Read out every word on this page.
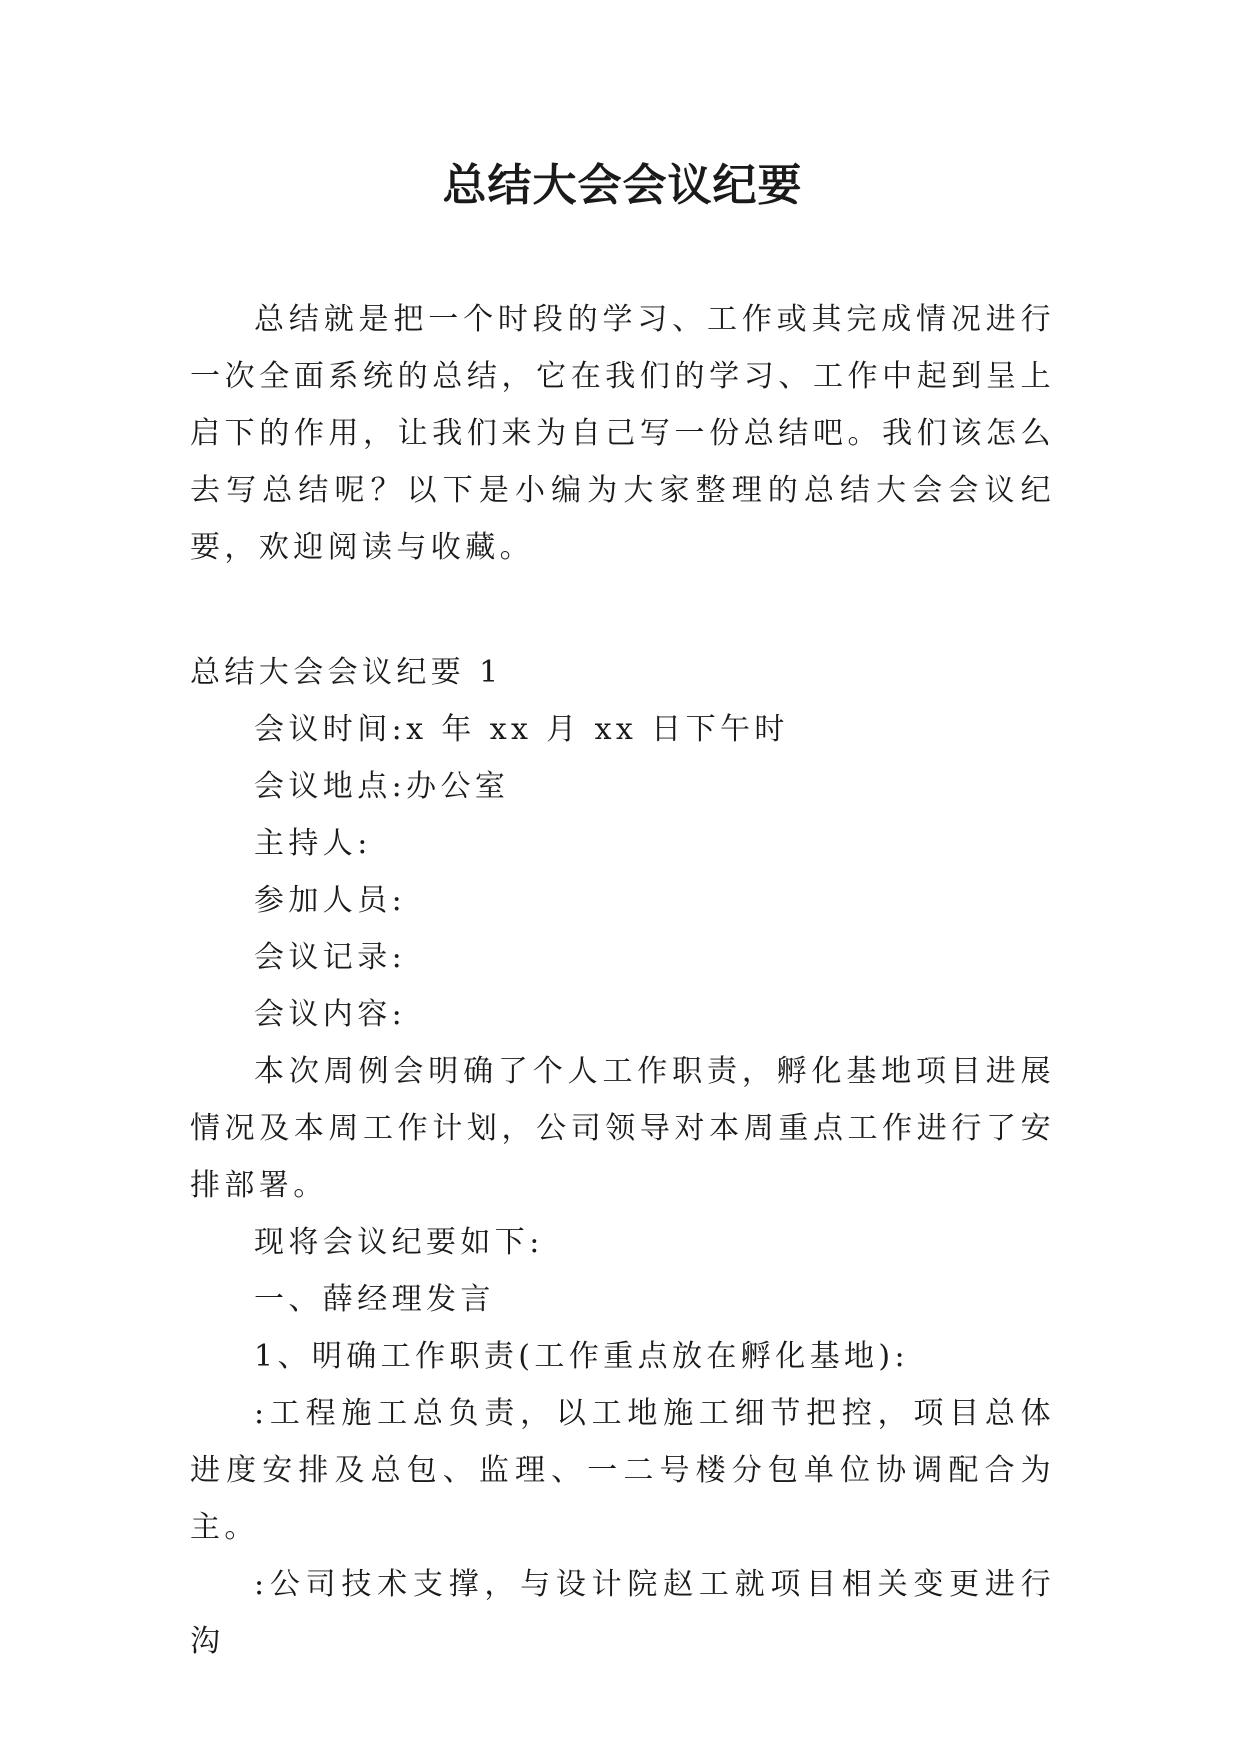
总结大会会议纪要

总结就是把一个时段的学习、工作或其完成情况进行一次全面系统的总结，它在我们的学习、工作中起到呈上启下的作用，让我们来为自己写一份总结吧。我们该怎么去写总结呢？以下是小编为大家整理的总结大会会议纪要，欢迎阅读与收藏。

总结大会会议纪要 1

会议时间:x 年 xx 月 xx 日下午时

会议地点:办公室

主持人:

参加人员:

会议记录:

会议内容:

本次周例会明确了个人工作职责，孵化基地项目进展情况及本周工作计划，公司领导对本周重点工作进行了安排部署。

现将会议纪要如下:

一、薛经理发言

1、明确工作职责(工作重点放在孵化基地):

:工程施工总负责，以工地施工细节把控，项目总体进度安排及总包、监理、一二号楼分包单位协调配合为主。

:公司技术支撑，与设计院赵工就项目相关变更进行沟
